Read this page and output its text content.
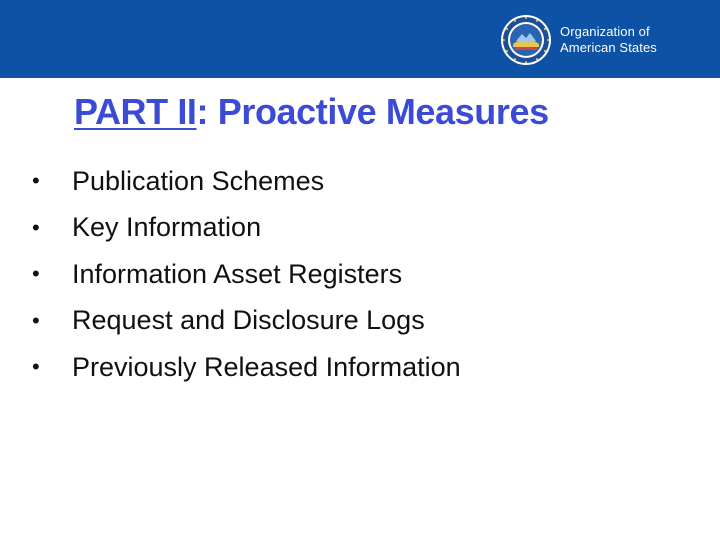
Organization of
American States
PART II: Proactive Measures
•	Publication Schemes
•	Key Information
•	Information Asset Registers
•	Request and Disclosure Logs
•	Previously Released Information
